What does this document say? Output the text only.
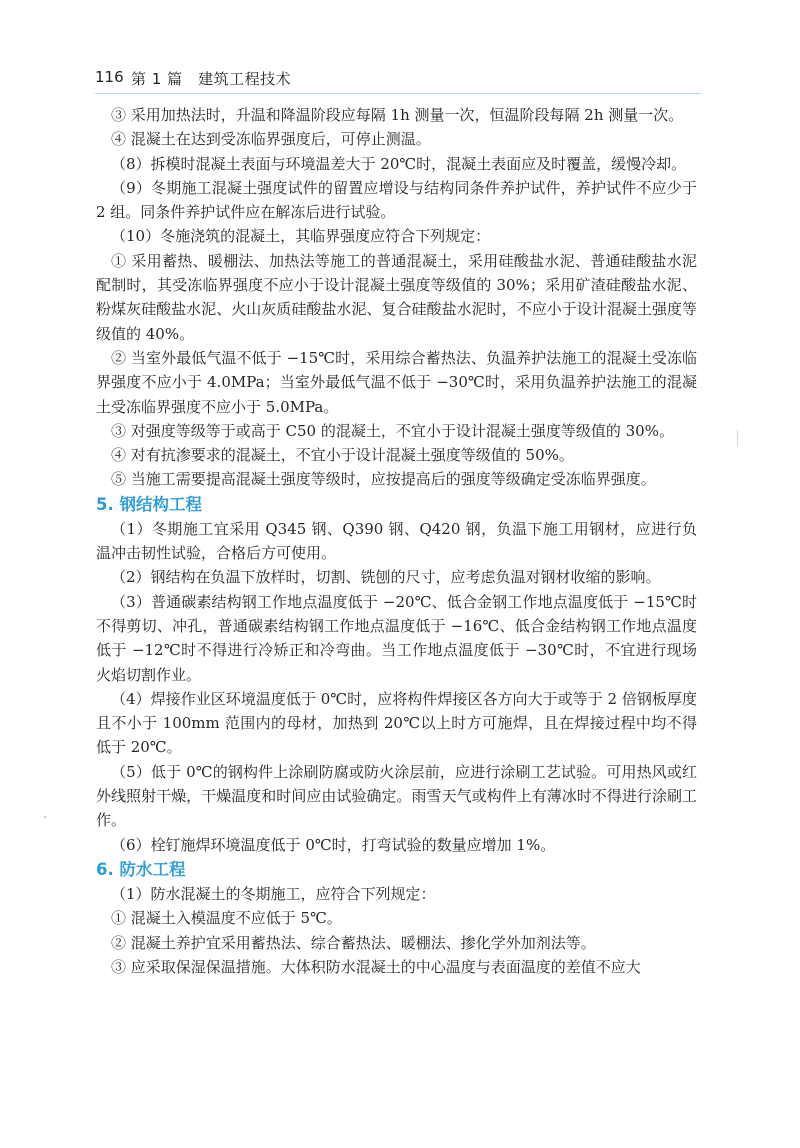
116 第 1 篇　建筑工程技术

③ 采用加热法时，升温和降温阶段应每隔 1h 测量一次，恒温阶段每隔 2h 测量一次。

④ 混凝土在达到受冻临界强度后，可停止测温。

（8）拆模时混凝土表面与环境温差大于 20℃时，混凝土表面应及时覆盖，缓慢冷却。

（9）冬期施工混凝土强度试件的留置应增设与结构同条件养护试件，养护试件不应少于 2 组。同条件养护试件应在解冻后进行试验。

（10）冬施浇筑的混凝土，其临界强度应符合下列规定：

① 采用蓄热、暖棚法、加热法等施工的普通混凝土，采用硅酸盐水泥、普通硅酸盐水泥配制时，其受冻临界强度不应小于设计混凝土强度等级值的 30%；采用矿渣硅酸盐水泥、粉煤灰硅酸盐水泥、火山灰质硅酸盐水泥、复合硅酸盐水泥时，不应小于设计混凝土强度等级值的 40%。

② 当室外最低气温不低于 −15℃时，采用综合蓄热法、负温养护法施工的混凝土受冻临界强度不应小于 4.0MPa；当室外最低气温不低于 −30℃时，采用负温养护法施工的混凝土受冻临界强度不应小于 5.0MPa。

③ 对强度等级等于或高于 C50 的混凝土，不宜小于设计混凝土强度等级值的 30%。

④ 对有抗渗要求的混凝土，不宜小于设计混凝土强度等级值的 50%。

⑤ 当施工需要提高混凝土强度等级时，应按提高后的强度等级确定受冻临界强度。

5. 钢结构工程

（1）冬期施工宜采用 Q345 钢、Q390 钢、Q420 钢，负温下施工用钢材，应进行负温冲击韧性试验，合格后方可使用。

（2）钢结构在负温下放样时，切割、铣刨的尺寸，应考虑负温对钢材收缩的影响。

（3）普通碳素结构钢工作地点温度低于 −20℃、低合金钢工作地点温度低于 −15℃时不得剪切、冲孔，普通碳素结构钢工作地点温度低于 −16℃、低合金结构钢工作地点温度低于 −12℃时不得进行冷矫正和冷弯曲。当工作地点温度低于 −30℃时，不宜进行现场火焰切割作业。

（4）焊接作业区环境温度低于 0℃时，应将构件焊接区各方向大于或等于 2 倍钢板厚度且不小于 100mm 范围内的母材，加热到 20℃以上时方可施焊，且在焊接过程中均不得低于 20℃。

（5）低于 0℃的钢构件上涂刷防腐或防火涂层前，应进行涂刷工艺试验。可用热风或红外线照射干燥，干燥温度和时间应由试验确定。雨雪天气或构件上有薄冰时不得进行涂刷工作。

（6）栓钉施焊环境温度低于 0℃时，打弯试验的数量应增加 1%。

6. 防水工程

（1）防水混凝土的冬期施工，应符合下列规定：

① 混凝土入模温度不应低于 5℃。

② 混凝土养护宜采用蓄热法、综合蓄热法、暖棚法、掺化学外加剂法等。

③ 应采取保湿保温措施。大体积防水混凝土的中心温度与表面温度的差值不应大
